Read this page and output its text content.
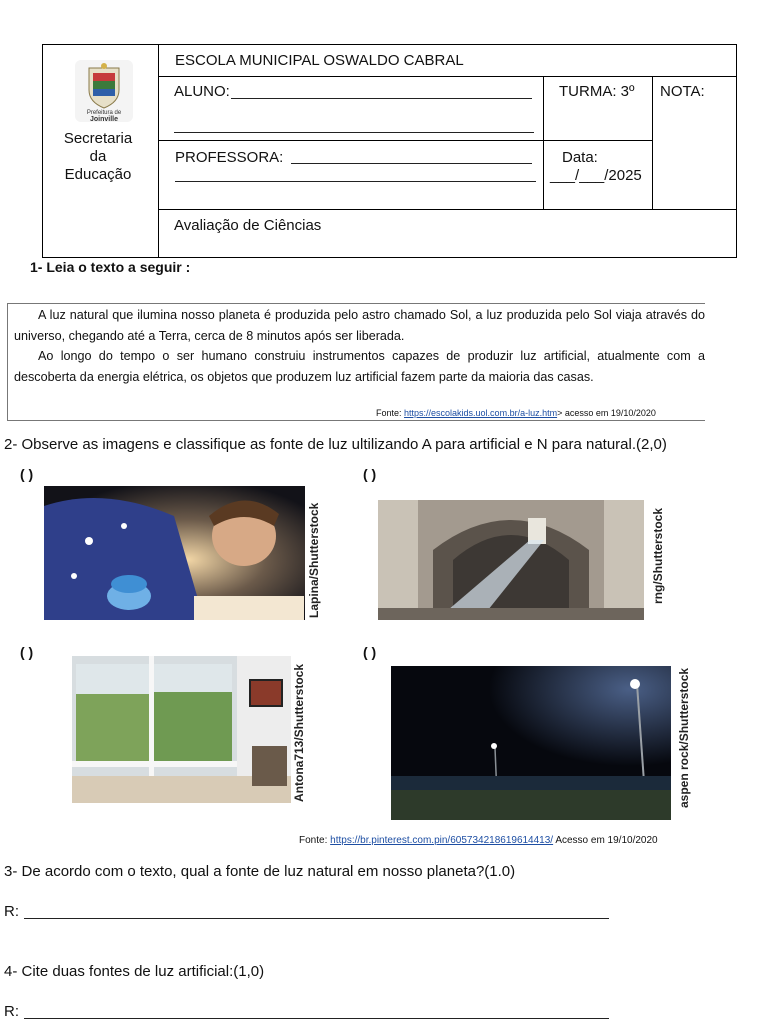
Prefeitura de
Joinville
Secretaria
da
Educação
ESCOLA MUNICIPAL OSWALDO CABRAL
ALUNO:	TURMA: 3º NOTA:
PROFESSORA:	Data:
___/___/2025
Avaliação de Ciências
1- Leia o texto a seguir :

A luz natural que ilumina nosso planeta é produzida pelo astro chamado Sol, a luz produzida pelo Sol viaja através do universo, chegando até a Terra, cerca de 8 minutos após ser liberada.

Ao longo do tempo o ser humano construiu instrumentos capazes de produzir luz artificial, atualmente com a descoberta da energia elétrica, os objetos que produzem luz artificial fazem parte da maioria das casas.

Fonte: https://escolakids.uol.com.br/a-luz.htm> acesso em 19/10/2020
2- Observe as imagens e classifique as fonte de luz ultilizando A para artificial e N para natural.(2,0)
( )	( )
( )	( )
Lapina/Shutterstock	rng/Shutterstock
Antona713/Shutterstock	aspen rock/Shutterstock
Fonte: https://br.pinterest.com.pin/605734218619614413/ Acesso em 19/10/2020
3- De acordo com o texto, qual a fonte de luz natural em nosso planeta?(1.0)
R:
4- Cite duas fontes de luz artificial:(1,0)
R:
